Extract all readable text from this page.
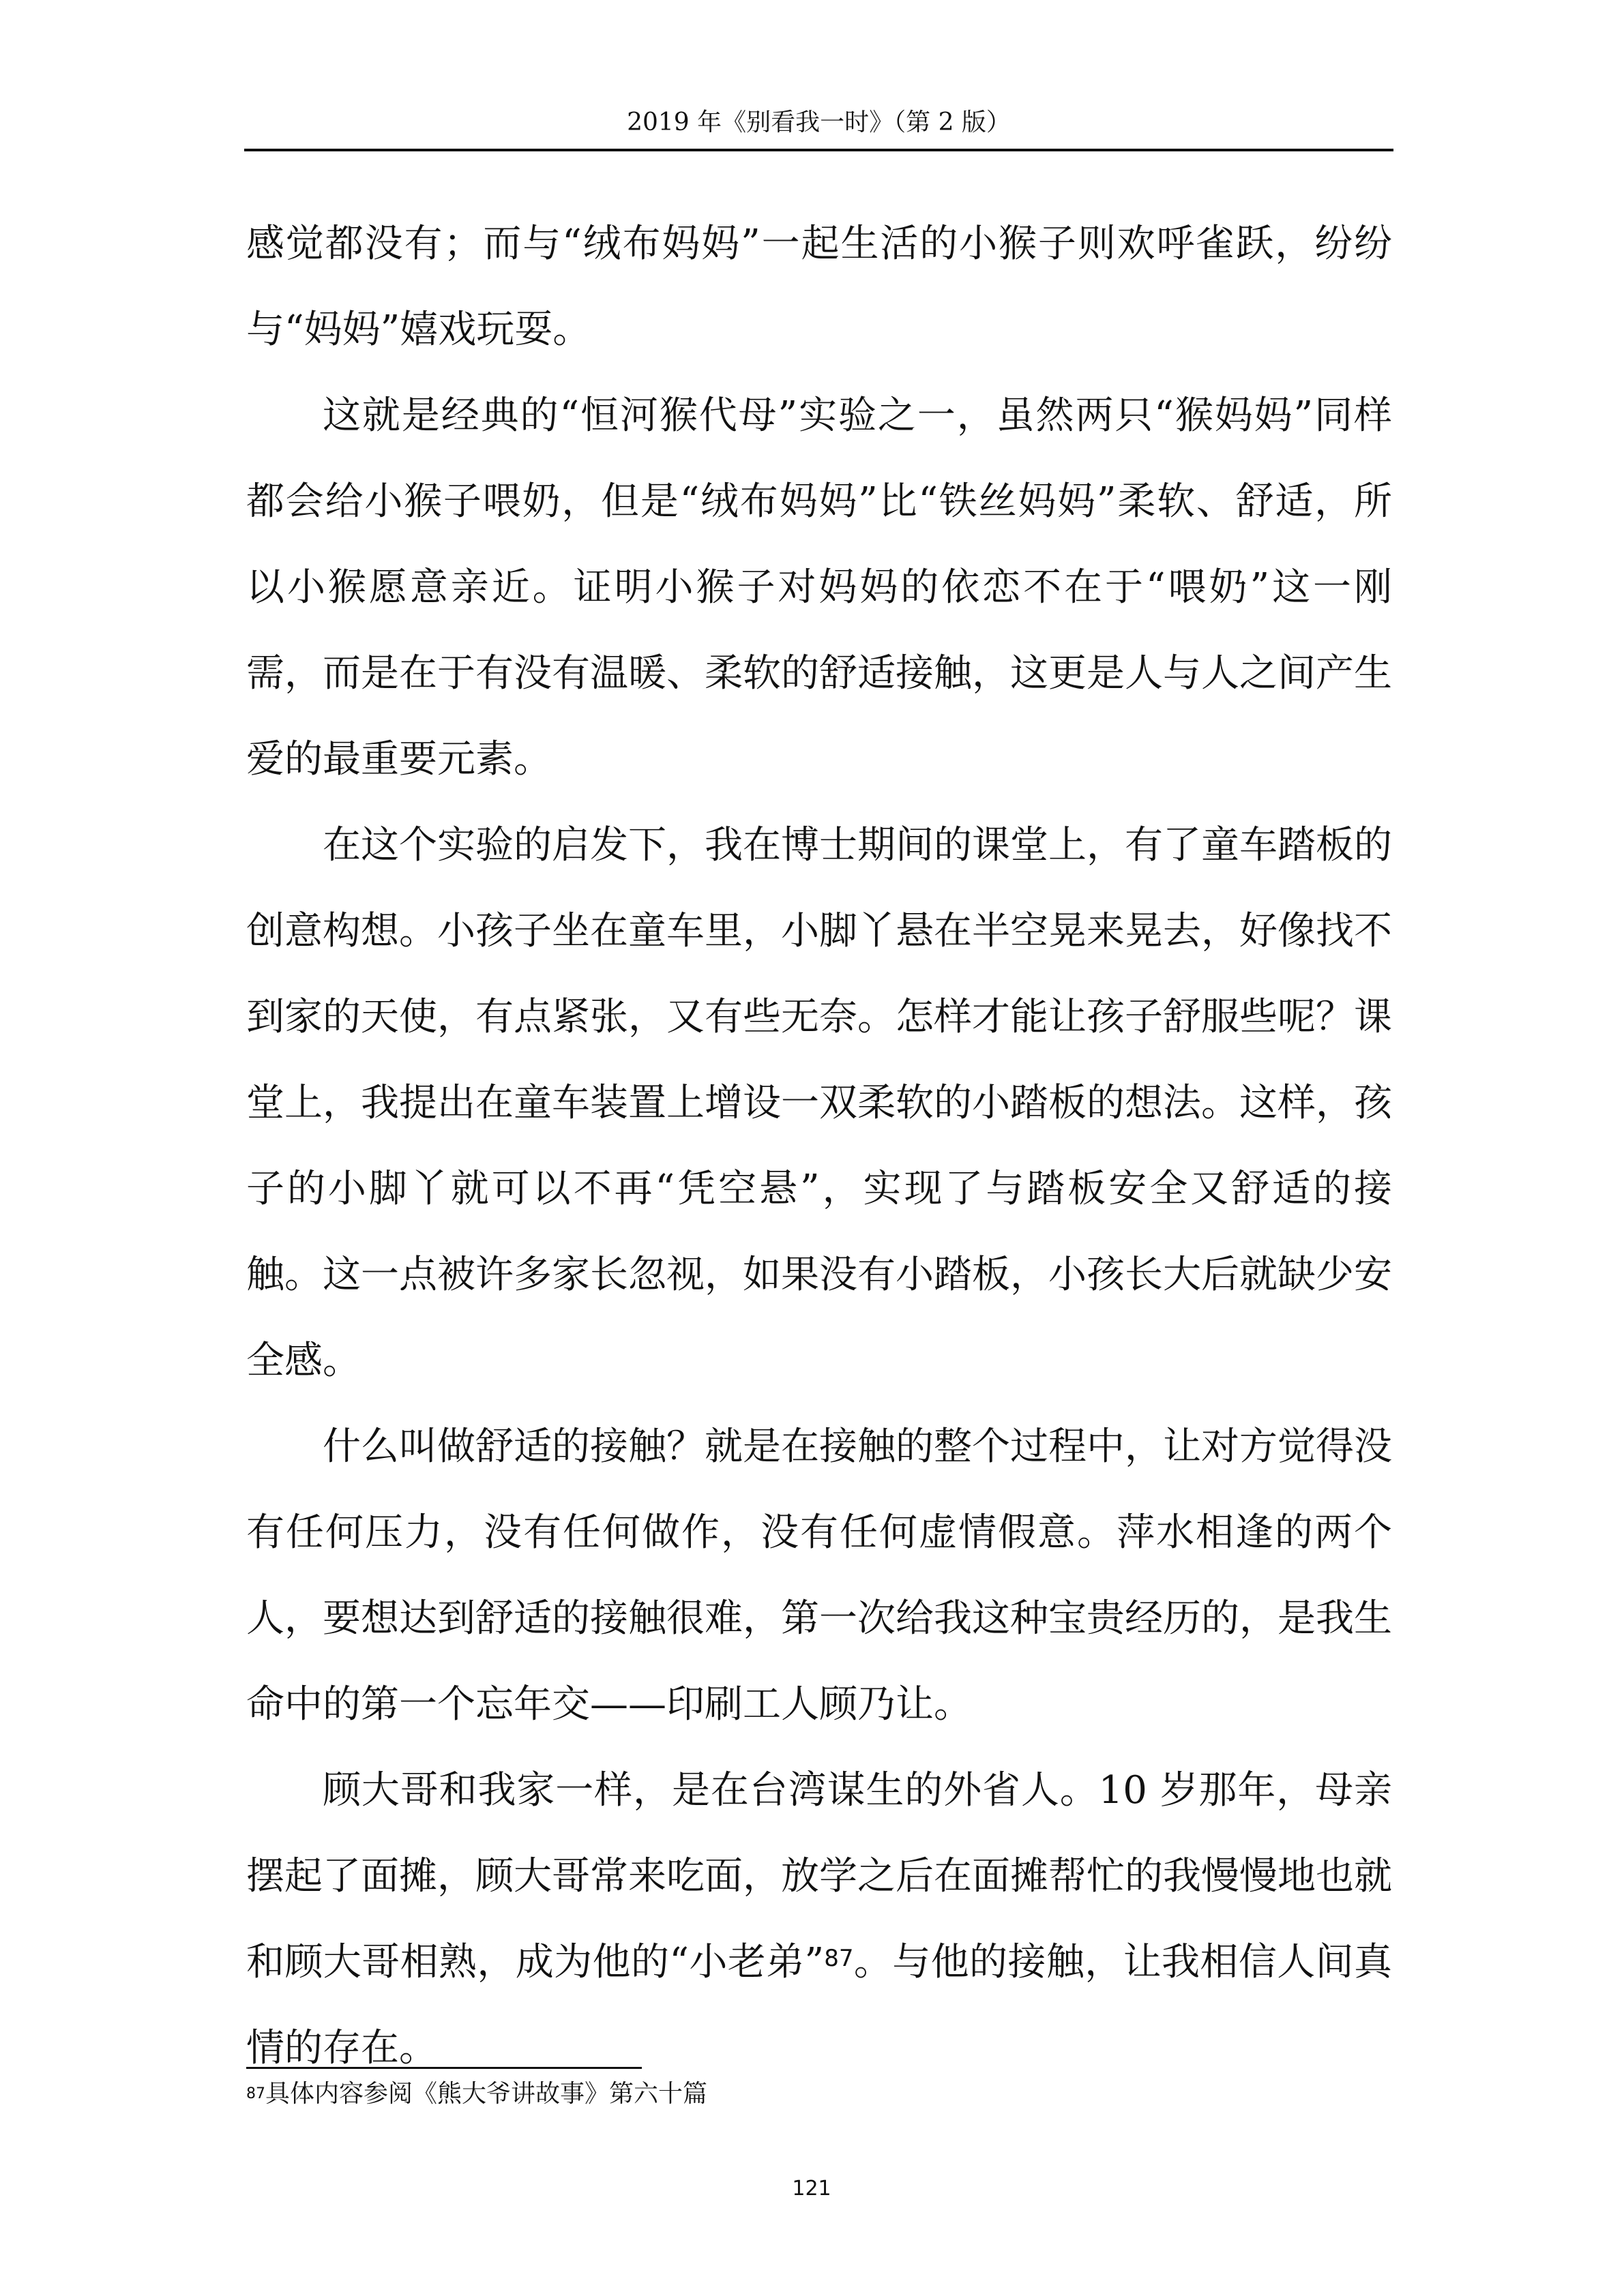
2019 年《别看我一时》（第 2 版）

感觉都没有；而与“绒布妈妈”一起生活的小猴子则欢呼雀跃，纷纷与“妈妈”嬉戏玩耍。

这就是经典的“恒河猴代母”实验之一，虽然两只“猴妈妈”同样都会给小猴子喂奶，但是“绒布妈妈”比“铁丝妈妈”柔软、舒适，所以小猴愿意亲近。证明小猴子对妈妈的依恋不在于“喂奶”这一刚需，而是在于有没有温暖、柔软的舒适接触，这更是人与人之间产生爱的最重要元素。

在这个实验的启发下，我在博士期间的课堂上，有了童车踏板的创意构想。小孩子坐在童车里，小脚丫悬在半空晃来晃去，好像找不到家的天使，有点紧张，又有些无奈。怎样才能让孩子舒服些呢？课堂上，我提出在童车装置上增设一双柔软的小踏板的想法。这样，孩子的小脚丫就可以不再“凭空悬”，实现了与踏板安全又舒适的接触。这一点被许多家长忽视，如果没有小踏板，小孩长大后就缺少安全感。

什么叫做舒适的接触？就是在接触的整个过程中，让对方觉得没有任何压力，没有任何做作，没有任何虚情假意。萍水相逢的两个人，要想达到舒适的接触很难，第一次给我这种宝贵经历的，是我生命中的第一个忘年交——印刷工人顾乃让。

顾大哥和我家一样，是在台湾谋生的外省人。10 岁那年，母亲摆起了面摊，顾大哥常来吃面，放学之后在面摊帮忙的我慢慢地也就和顾大哥相熟，成为他的“小老弟”$^{87}$。与他的接触，让我相信人间真情的存在。

$^{87}$具体内容参阅《熊大爷讲故事》第六十篇
121
